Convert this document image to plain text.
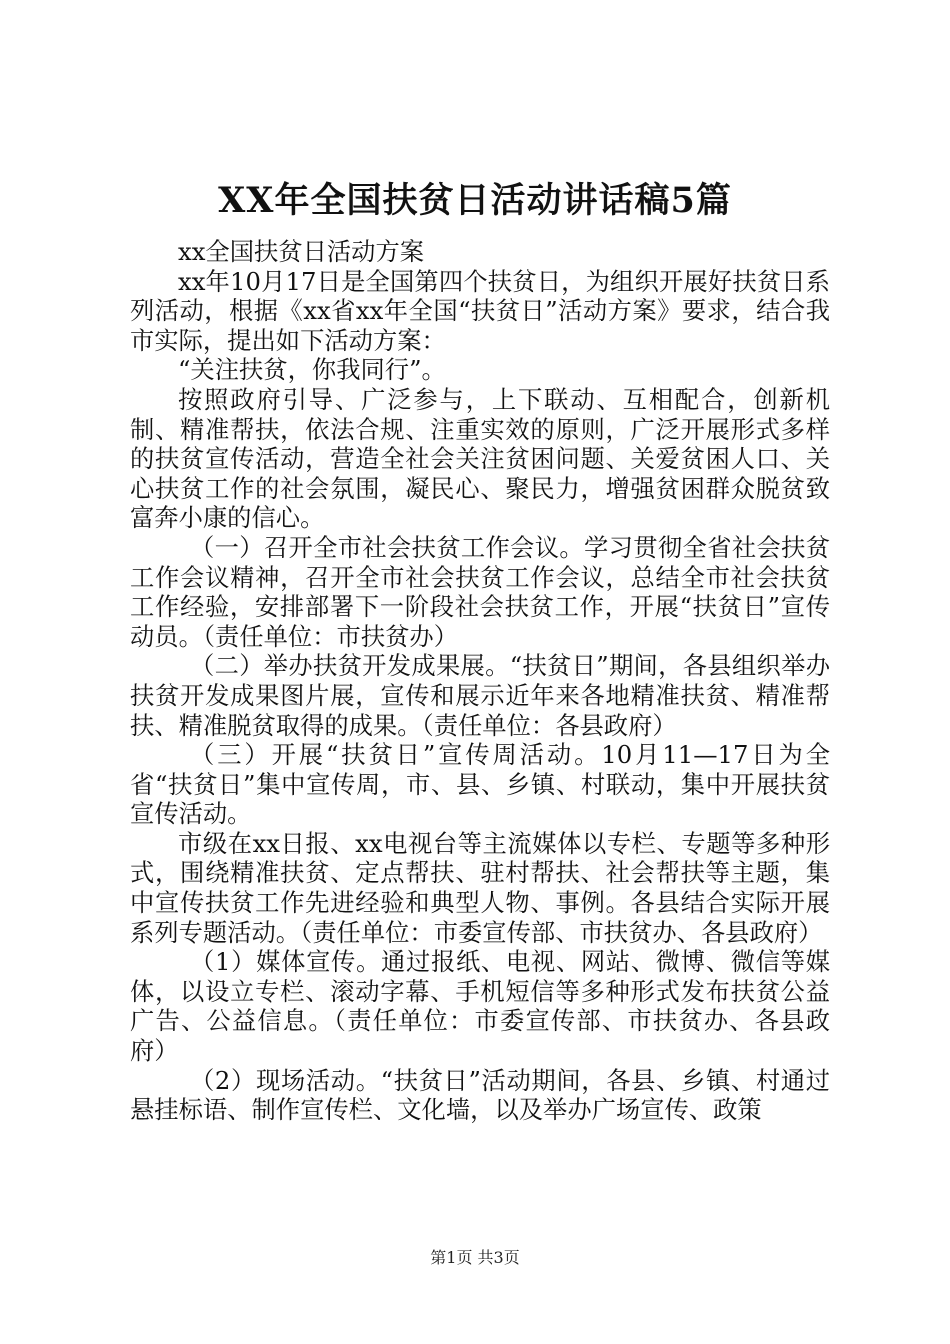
XX年全国扶贫日活动讲话稿5篇

xx全国扶贫日活动方案

xx年10月17日是全国第四个扶贫日，为组织开展好扶贫日系列活动，根据《xx省xx年全国“扶贫日”活动方案》要求，结合我市实际，提出如下活动方案：

“关注扶贫，你我同行”。

按照政府引导、广泛参与，上下联动、互相配合，创新机制、精准帮扶，依法合规、注重实效的原则，广泛开展形式多样的扶贫宣传活动，营造全社会关注贫困问题、关爱贫困人口、关心扶贫工作的社会氛围，凝民心、聚民力，增强贫困群众脱贫致富奔小康的信心。

（一）召开全市社会扶贫工作会议。学习贯彻全省社会扶贫工作会议精神，召开全市社会扶贫工作会议，总结全市社会扶贫工作经验，安排部署下一阶段社会扶贫工作，开展“扶贫日”宣传动员。（责任单位：市扶贫办）

（二）举办扶贫开发成果展。“扶贫日”期间，各县组织举办扶贫开发成果图片展，宣传和展示近年来各地精准扶贫、精准帮扶、精准脱贫取得的成果。（责任单位：各县政府）

（三）开展“扶贫日”宣传周活动。10月11—17日为全省“扶贫日”集中宣传周，市、县、乡镇、村联动，集中开展扶贫宣传活动。

市级在xx日报、xx电视台等主流媒体以专栏、专题等多种形式，围绕精准扶贫、定点帮扶、驻村帮扶、社会帮扶等主题，集中宣传扶贫工作先进经验和典型人物、事例。各县结合实际开展系列专题活动。（责任单位：市委宣传部、市扶贫办、各县政府）

（1）媒体宣传。通过报纸、电视、网站、微博、微信等媒体，以设立专栏、滚动字幕、手机短信等多种形式发布扶贫公益广告、公益信息。（责任单位：市委宣传部、市扶贫办、各县政府）

（2）现场活动。“扶贫日”活动期间，各县、乡镇、村通过悬挂标语、制作宣传栏、文化墙，以及举办广场宣传、政策

第1页 共3页
